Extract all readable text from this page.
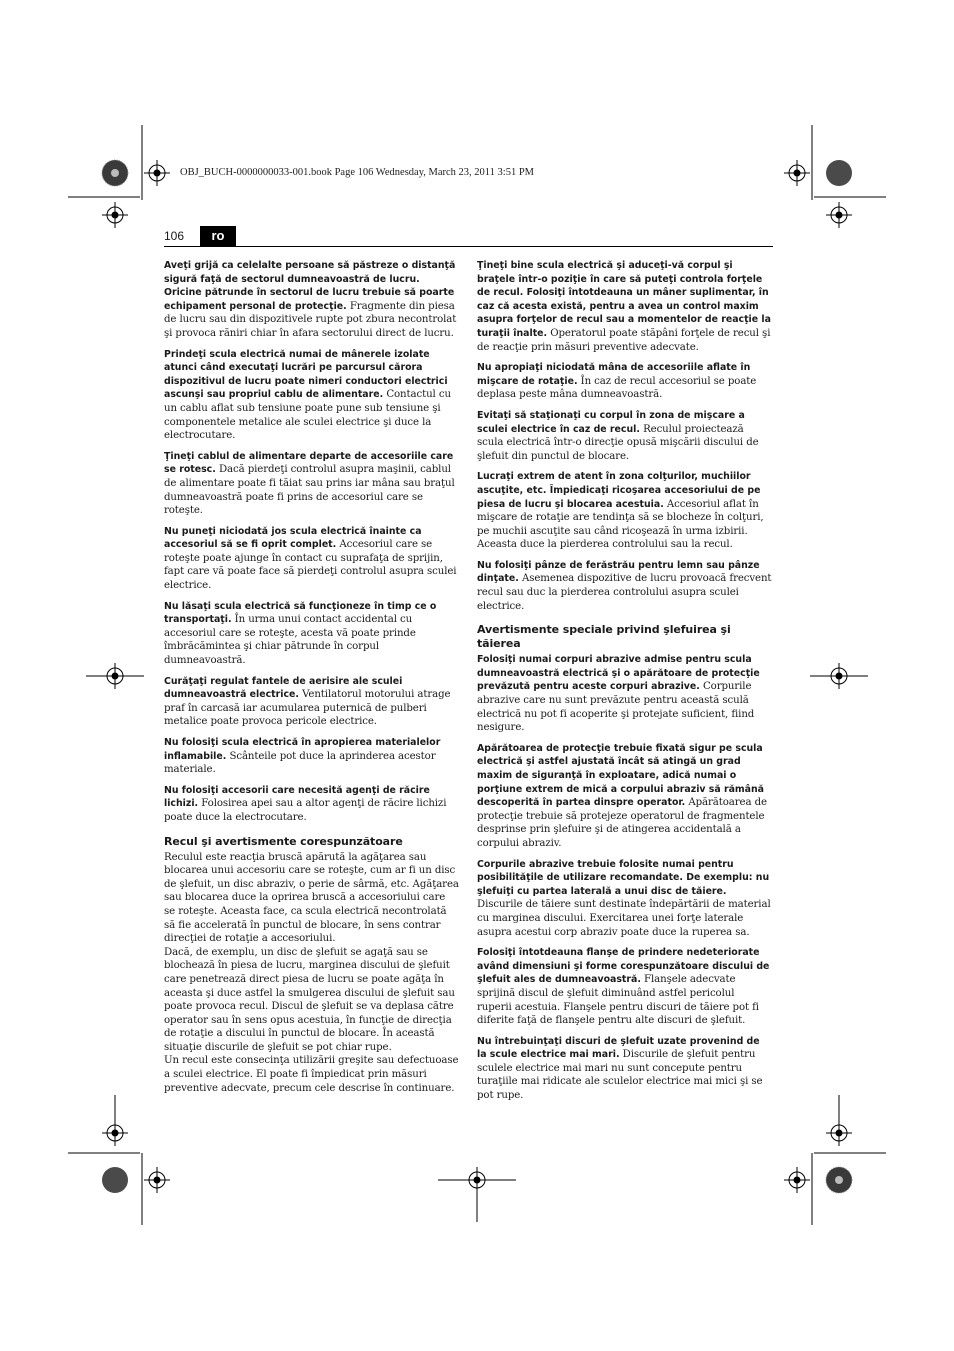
OBJ_BUCH-0000000033-001.book Page 106 Wednesday, March 23, 2011 3:51 PM
106	ro

Aveţi grijă ca celelalte persoane să păstreze o distanţă sigură faţă de sectorul dumneavoastră de lucru. Oricine pătrunde în sectorul de lucru trebuie să poarte echipament personal de protecţie. Fragmente din piesa de lucru sau din dispozitivele rupte pot zbura necontrolat şi provoca răniri chiar în afara sectorului direct de lucru.

Prindeţi scula electrică numai de mânerele izolate atunci când executaţi lucrări pe parcursul cărora dispozitivul de lucru poate nimeri conductori electrici ascunşi sau propriul cablu de alimentare. Contactul cu un cablu aflat sub tensiune poate pune sub tensiune şi componentele metalice ale sculei electrice şi duce la electrocutare.

Ţineţi cablul de alimentare departe de accesoriile care se rotesc. Dacă pierdeţi controlul asupra maşinii, cablul de alimentare poate fi tăiat sau prins iar mâna sau braţul dumneavoastră poate fi prins de accesoriul care se roteşte.

Nu puneţi niciodată jos scula electrică înainte ca accesoriul să se fi oprit complet. Accesoriul care se roteşte poate ajunge în contact cu suprafaţa de sprijin, fapt care vă poate face să pierdeţi controlul asupra sculei electrice.

Nu lăsaţi scula electrică să funcţioneze în timp ce o transportaţi. În urma unui contact accidental cu accesoriul care se roteşte, acesta vă poate prinde îmbrăcămintea şi chiar pătrunde în corpul dumneavoastră.

Curăţaţi regulat fantele de aerisire ale sculei dumneavoastră electrice. Ventilatorul motorului atrage praf în carcasă iar acumularea puternică de pulberi metalice poate provoca pericole electrice.

Nu folosiţi scula electrică în apropierea materialelor inflamabile. Scânteile pot duce la aprinderea acestor materiale.

Nu folosiţi accesorii care necesită agenţi de răcire lichizi. Folosirea apei sau a altor agenţi de răcire lichizi poate duce la electrocutare.

Recul şi avertismente corespunzătoare

Reculul este reacţia bruscă apărută la agăţarea sau blocarea unui accesoriu care se roteşte, cum ar fi un disc de şlefuit, un disc abraziv, o perie de sârmă, etc. Agăţarea sau blocarea duce la oprirea bruscă a accesoriului care se roteşte. Aceasta face, ca scula electrică necontrolată să fie accelerată în punctul de blocare, în sens contrar direcţiei de rotaţie a accesoriului.

Dacă, de exemplu, un disc de şlefuit se agaţă sau se blochează în piesa de lucru, marginea discului de şlefuit care penetrează direct piesa de lucru se poate agăţa în aceasta şi duce astfel la smulgerea discului de şlefuit sau poate provoca recul. Discul de şlefuit se va deplasa către operator sau în sens opus acestuia, în funcţie de direcţia de rotaţie a discului în punctul de blocare. În această situaţie discurile de şlefuit se pot chiar rupe.

Un recul este consecinţa utilizării greşite sau defectuoase a sculei electrice. El poate fi împiedicat prin măsuri preventive adecvate, precum cele descrise în continuare.

Ţineţi bine scula electrică şi aduceţi-vă corpul şi braţele într-o poziţie în care să puteţi controla forţele de recul. Folosiţi întotdeauna un mâner suplimentar, în caz că acesta există, pentru a avea un control maxim asupra forţelor de recul sau a momentelor de reacţie la turaţii înalte. Operatorul poate stăpâni forţele de recul şi de reacţie prin măsuri preventive adecvate.

Nu apropiaţi niciodată mâna de accesoriile aflate în mişcare de rotaţie. În caz de recul accesoriul se poate deplasa peste mâna dumneavoastră.

Evitaţi să staţionaţi cu corpul în zona de mişcare a sculei electrice în caz de recul. Reculul proiectează scula electrică într-o direcţie opusă mişcării discului de şlefuit din punctul de blocare.

Lucraţi extrem de atent în zona colţurilor, muchiilor ascuţite, etc. Împiedicaţi ricoşarea accesoriului de pe piesa de lucru şi blocarea acestuia. Accesoriul aflat în mişcare de rotaţie are tendinţa să se blocheze în colţuri, pe muchii ascuţite sau când ricoşează în urma izbirii. Aceasta duce la pierderea controlului sau la recul.

Nu folosiţi pânze de ferăstrău pentru lemn sau pânze dinţate. Asemenea dispozitive de lucru provoacă frecvent recul sau duc la pierderea controlului asupra sculei electrice.

Avertismente speciale privind şlefuirea şi tăierea

Folosiţi numai corpuri abrazive admise pentru scula dumneavoastră electrică şi o apărătoare de protecţie prevăzută pentru aceste corpuri abrazive. Corpurile abrazive care nu sunt prevăzute pentru această sculă electrică nu pot fi acoperite şi protejate suficient, fiind nesigure.

Apărătoarea de protecţie trebuie fixată sigur pe scula electrică şi astfel ajustată încât să atingă un grad maxim de siguranţă în exploatare, adică numai o porţiune extrem de mică a corpului abraziv să rămână descoperită în partea dinspre operator. Apărătoarea de protecţie trebuie să protejeze operatorul de fragmentele desprinse prin şlefuire şi de atingerea accidentală a corpului abraziv.

Corpurile abrazive trebuie folosite numai pentru posibilităţile de utilizare recomandate. De exemplu: nu şlefuiţi cu partea laterală a unui disc de tăiere. Discurile de tăiere sunt destinate îndepărtării de material cu marginea discului. Exercitarea unei forţe laterale asupra acestui corp abraziv poate duce la ruperea sa.

Folosiţi întotdeauna flanşe de prindere nedeteriorate având dimensiuni şi forme corespunzătoare discului de şlefuit ales de dumneavoastră. Flanşele adecvate sprijină discul de şlefuit diminuând astfel pericolul ruperii acestuia. Flanşele pentru discuri de tăiere pot fi diferite faţă de flanşele pentru alte discuri de şlefuit.

Nu întrebuinţaţi discuri de şlefuit uzate provenind de la scule electrice mai mari. Discurile de şlefuit pentru sculele electrice mai mari nu sunt concepute pentru turaţiile mai ridicate ale sculelor electrice mai mici şi se pot rupe.
